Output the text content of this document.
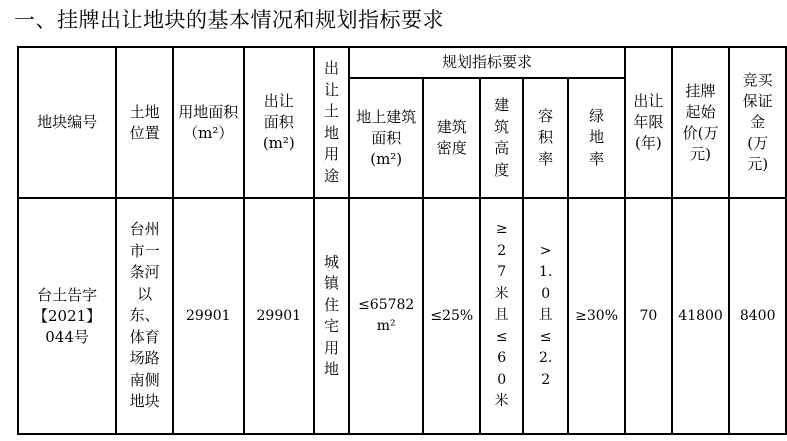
一、挂牌出让地块的基本情况和规划指标要求
地块编号	土地位置	用地面积（m²）	出让面积(m²)	出让土地用途	规划指标要求					出让年限(年)	挂牌起始价(万元)	竞买保证金(万元)
					地上建筑面积(m²)	建筑密度	建筑高度	容积率	绿地率			
台土告字【2021】044号	台州市一条河以东、体育场路南侧地块	29901	29901	城镇住宅用地	≤65782 m²	≤25%	≥27米且≤60米	>1.0且≤2.2	≥30%	70	41800	8400
